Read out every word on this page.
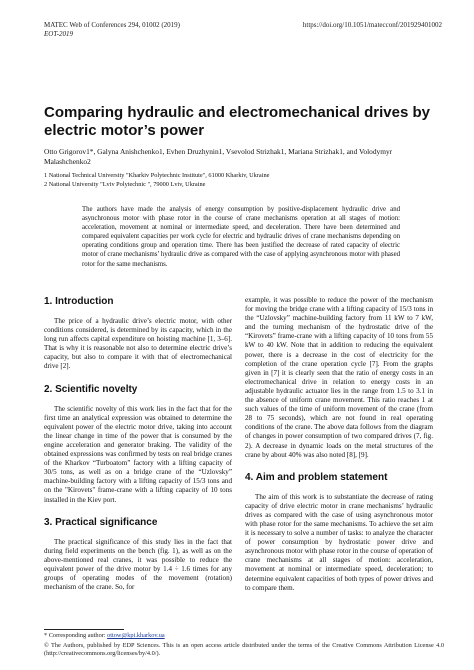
MATEC Web of Conferences 294, 01002 (2019)
EOT-2019
https://doi.org/10.1051/matecconf/201929401002
Comparing hydraulic and electromechanical drives by electric motor’s power
Otto Grigorov1*, Galyna Anishchenko1, Evhen Druzhynin1, Vsevolod Strizhak1, Mariana Strizhak1, and Volodymyr Malashchenko2
1 National Technical University "Kharkiv Polytechnic Institute", 61000 Kharkiv, Ukraine
2 National University "Lviv Polytechnic ", 79000 Lviv, Ukraine
The authors have made the analysis of energy consumption by positive-displacement hydraulic drive and asynchronous motor with phase rotor in the course of crane mechanisms operation at all stages of motion: acceleration, movement at nominal or intermediate speed, and deceleration. There have been determined and compared equivalent capacities per work cycle for electric and hydraulic drives of crane mechanisms depending on operating conditions group and operation time. There has been justified the decrease of rated capacity of electric motor of crane mechanisms’ hydraulic drive as compared with the case of applying asynchronous motor with phased rotor for the same mechanisms.
1. Introduction

The price of a hydraulic drive’s electric motor, with other conditions considered, is determined by its capacity, which in the long run affects capital expenditure on hoisting machine [1, 3–6]. That is why it is reasonable not also to determine electric drive’s capacity, but also to compare it with that of electromechanical drive [2].

2. Scientific novelty

The scientific novelty of this work lies in the fact that for the first time an analytical expression was obtained to determine the equivalent power of the electric motor drive, taking into account the linear change in time of the power that is consumed by the engine acceleration and generator braking. The validity of the obtained expressions was confirmed by tests on real bridge cranes of the Kharkov “Turboatom” factory with a lifting capacity of 30/5 tons, as well as on a bridge crane of the “Uzlovsky” machine-building factory with a lifting capacity of 15/3 tons and on the "Kirovets" frame-crane with a lifting capacity of 10 tons installed in the Kiev port.

3. Practical significance

The practical significance of this study lies in the fact that during field experiments on the bench (fig. 1), as well as on the above-mentioned real cranes, it was possible to reduce the equivalent power of the drive motor by 1.4 ÷ 1.6 times for any groups of operating modes of the movement (rotation) mechanism of the crane. So, for

example, it was possible to reduce the power of the mechanism for moving the bridge crane with a lifting capacity of 15/3 tons in the “Uzlovsky” machine-building factory from 11 kW to 7 kW, and the turning mechanism of the hydrostatic drive of the “Kirovets” frame-crane with a lifting capacity of 10 tons from 55 kW to 40 kW. Note that in addition to reducing the equivalent power, there is a decrease in the cost of electricity for the completion of the crane operation cycle [7]. From the graphs given in [7] it is clearly seen that the ratio of energy costs in an electromechanical drive in relation to energy costs in an adjustable hydraulic actuator lies in the range from 1.5 to 3.1 in the absence of uniform crane movement. This ratio reaches 1 at such values of the time of uniform movement of the crane (from 28 to 75 seconds), which are not found in real operating conditions of the crane. The above data follows from the diagram of changes in power consumption of two compared drives (7, fig. 2). A decrease in dynamic loads on the metal structures of the crane by about 40% was also noted [8], [9].

4. Aim and problem statement

The aim of this work is to substantiate the decrease of rating capacity of drive electric motor in crane mechanisms’ hydraulic drives as compared with the case of using asynchronous motor with phase rotor for the same mechanisms. To achieve the set aim it is necessary to solve a number of tasks: to analyze the character of power consumption by hydrostatic power drive and asynchronous motor with phase rotor in the course of operation of crane mechanisms at all stages of motion: acceleration, movement at nominal or intermediate speed, deceleration; to determine equivalent capacities of both types of power drives and to compare them.

* Corresponding author: ottow@kpi.kharkov.ua
© The Authors, published by EDP Sciences. This is an open access article distributed under the terms of the Creative Commons Attribution License 4.0 (http://creativecommons.org/licenses/by/4.0/).
